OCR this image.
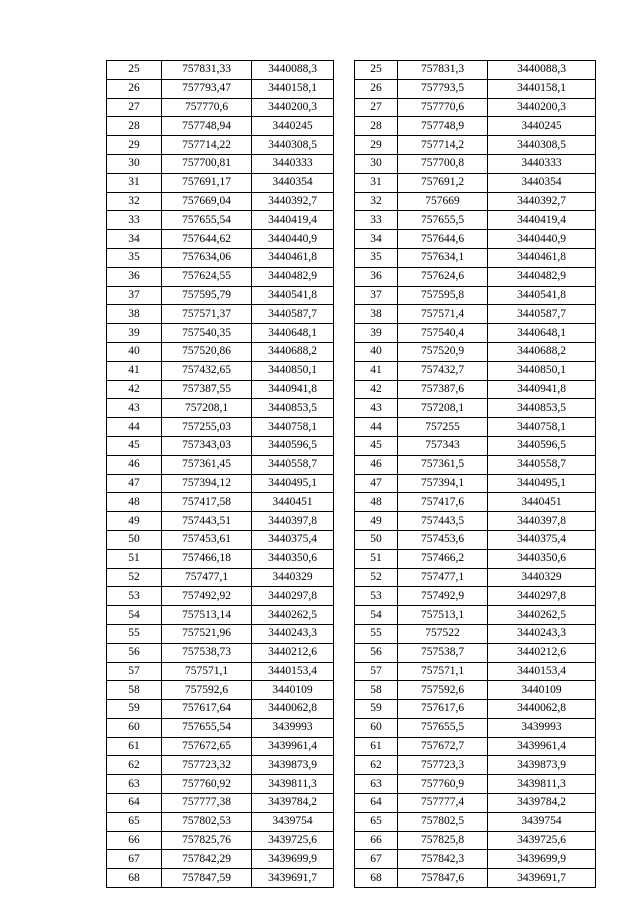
25	757831,33	3440088,3
26	757793,47	3440158,1
27	757770,6	3440200,3
28	757748,94	3440245
29	757714,22	3440308,5
30	757700,81	3440333
31	757691,17	3440354
32	757669,04	3440392,7
33	757655,54	3440419,4
34	757644,62	3440440,9
35	757634,06	3440461,8
36	757624,55	3440482,9
37	757595,79	3440541,8
38	757571,37	3440587,7
39	757540,35	3440648,1
40	757520,86	3440688,2
41	757432,65	3440850,1
42	757387,55	3440941,8
43	757208,1	3440853,5
44	757255,03	3440758,1
45	757343,03	3440596,5
46	757361,45	3440558,7
47	757394,12	3440495,1
48	757417,58	3440451
49	757443,51	3440397,8
50	757453,61	3440375,4
51	757466,18	3440350,6
52	757477,1	3440329
53	757492,92	3440297,8
54	757513,14	3440262,5
55	757521,96	3440243,3
56	757538,73	3440212,6
57	757571,1	3440153,4
58	757592,6	3440109
59	757617,64	3440062,8
60	757655,54	3439993
61	757672,65	3439961,4
62	757723,32	3439873,9
63	757760,92	3439811,3
64	757777,38	3439784,2
65	757802,53	3439754
66	757825,76	3439725,6
67	757842,29	3439699,9
68	757847,59	3439691,7
25	757831,3	3440088,3
26	757793,5	3440158,1
27	757770,6	3440200,3
28	757748,9	3440245
29	757714,2	3440308,5
30	757700,8	3440333
31	757691,2	3440354
32	757669	3440392,7
33	757655,5	3440419,4
34	757644,6	3440440,9
35	757634,1	3440461,8
36	757624,6	3440482,9
37	757595,8	3440541,8
38	757571,4	3440587,7
39	757540,4	3440648,1
40	757520,9	3440688,2
41	757432,7	3440850,1
42	757387,6	3440941,8
43	757208,1	3440853,5
44	757255	3440758,1
45	757343	3440596,5
46	757361,5	3440558,7
47	757394,1	3440495,1
48	757417,6	3440451
49	757443,5	3440397,8
50	757453,6	3440375,4
51	757466,2	3440350,6
52	757477,1	3440329
53	757492,9	3440297,8
54	757513,1	3440262,5
55	757522	3440243,3
56	757538,7	3440212,6
57	757571,1	3440153,4
58	757592,6	3440109
59	757617,6	3440062,8
60	757655,5	3439993
61	757672,7	3439961,4
62	757723,3	3439873,9
63	757760,9	3439811,3
64	757777,4	3439784,2
65	757802,5	3439754
66	757825,8	3439725,6
67	757842,3	3439699,9
68	757847,6	3439691,7
